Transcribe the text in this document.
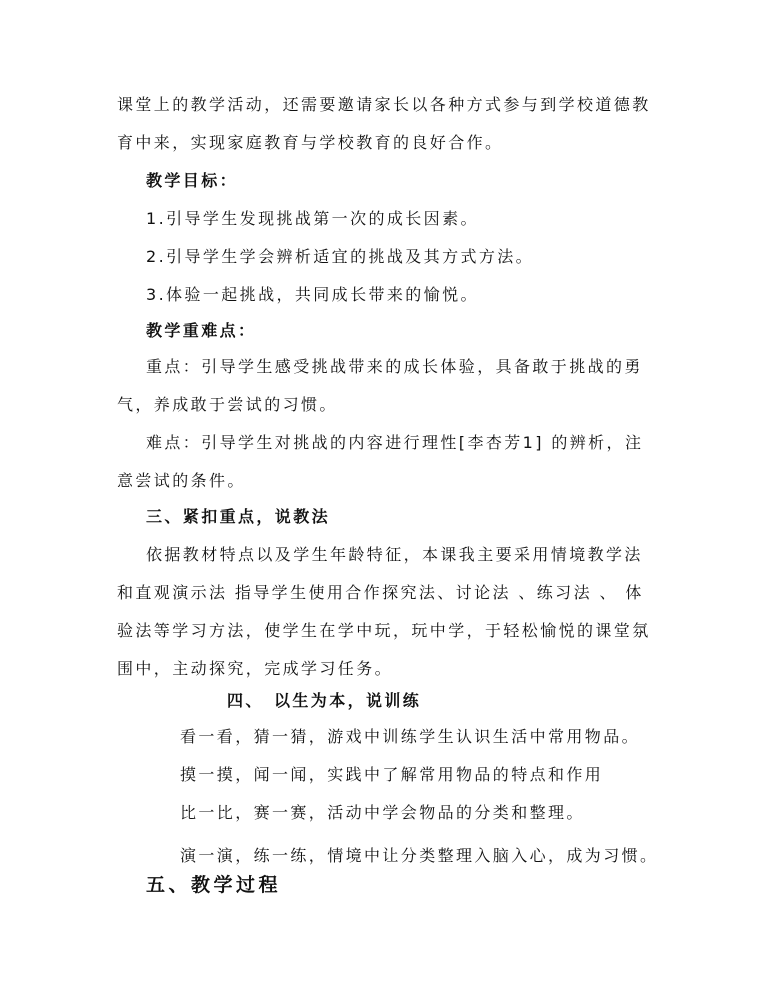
课堂上的教学活动，还需要邀请家长以各种方式参与到学校道德教
育中来，实现家庭教育与学校教育的良好合作。
教学目标：
1.引导学生发现挑战第一次的成长因素。
2.引导学生学会辨析适宜的挑战及其方式方法。
3.体验一起挑战，共同成长带来的愉悦。
教学重难点：
重点：引导学生感受挑战带来的成长体验，具备敢于挑战的勇
气，养成敢于尝试的习惯。
难点：引导学生对挑战的内容进行理性[李杏芳1] 的辨析，注
意尝试的条件。
三、紧扣重点，说教法
依据教材特点以及学生年龄特征，本课我主要采用情境教学法
和直观演示法 指导学生使用合作探究法、讨论法 、练习法 、 体
验法等学习方法，使学生在学中玩，玩中学，于轻松愉悦的课堂氛
围中，主动探究，完成学习任务。
四、 以生为本，说训练
看一看，猜一猜，游戏中训练学生认识生活中常用物品。
摸一摸，闻一闻，实践中了解常用物品的特点和作用
比一比，赛一赛，活动中学会物品的分类和整理。
演一演，练一练，情境中让分类整理入脑入心，成为习惯。
五、教学过程
